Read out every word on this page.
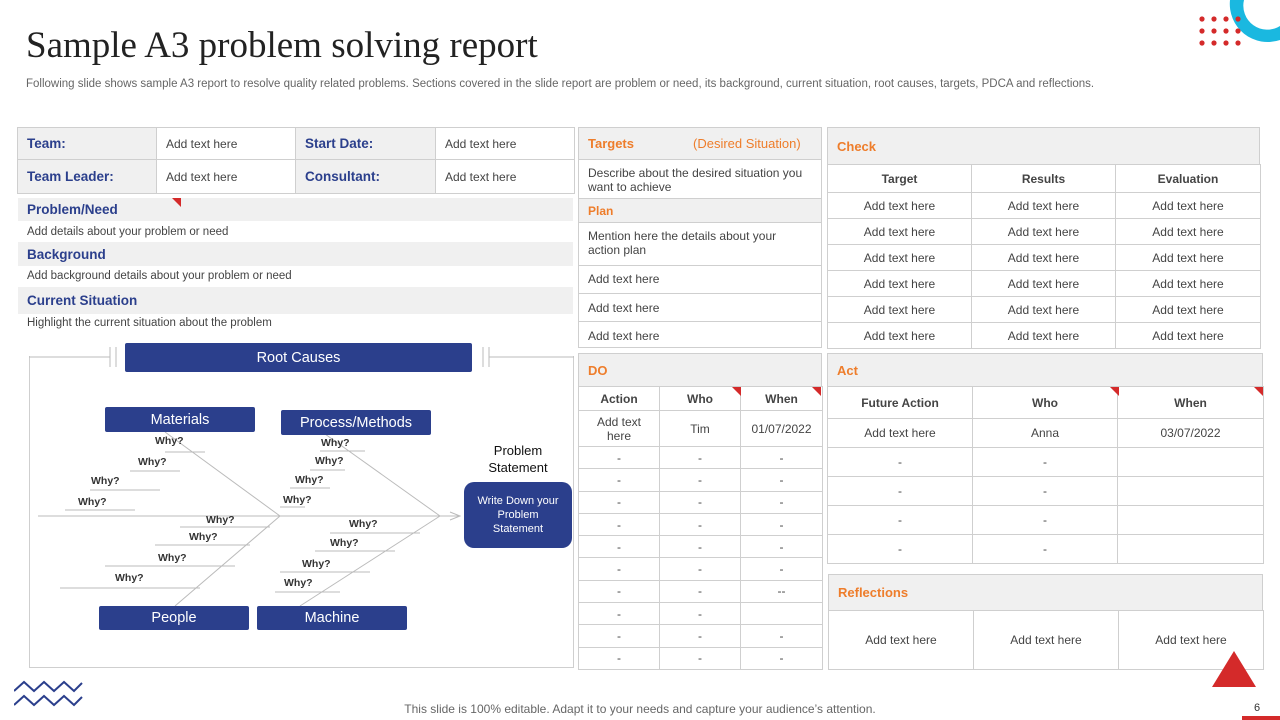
Sample A3 problem solving report
Following slide shows sample A3 report to resolve quality related problems. Sections covered in the slide report are problem or need, its background, current situation, root causes, targets, PDCA and reflections.
Team:	Add text here	Start Date:	Add text here
Team Leader:	Add text here	Consultant:	Add text here
Problem/Need
Add details about your problem or need
Background
Add background details about your problem or need
Current Situation
Highlight the current situation about the problem
Root Causes
Materials	Process/Methods
People	Machine
Why?
Why?
Why?
Why?
Why?
Why?
Why?
Why?
Why?
Why?
Why?
Why?
Why?
Why?
Why?
Why?
Problem Statement
Write Down your Problem Statement
Targets	(Desired Situation)
Describe about the desired situation you want to achieve
Plan
Mention here the details about your action plan
Add text here
Add text here
Add text here
DO
Action	Who	When
Add text here	Tim	01/07/2022
-	-	-
-	-	-
-	-	-
-	-	-
-	-	-
-	-	-
-	-	--
-	-	
-	-	-
-	-	-
Check
Target	Results	Evaluation
Add text here	Add text here	Add text here
Add text here	Add text here	Add text here
Add text here	Add text here	Add text here
Add text here	Add text here	Add text here
Add text here	Add text here	Add text here
Add text here	Add text here	Add text here
Act
Future Action	Who	When
Add text here	Anna	03/07/2022
-	-	
-	-	
-	-	
-	-	
Reflections
Add text here	Add text here	Add text here
This slide is 100% editable. Adapt it to your needs and capture your audience’s attention.	6
